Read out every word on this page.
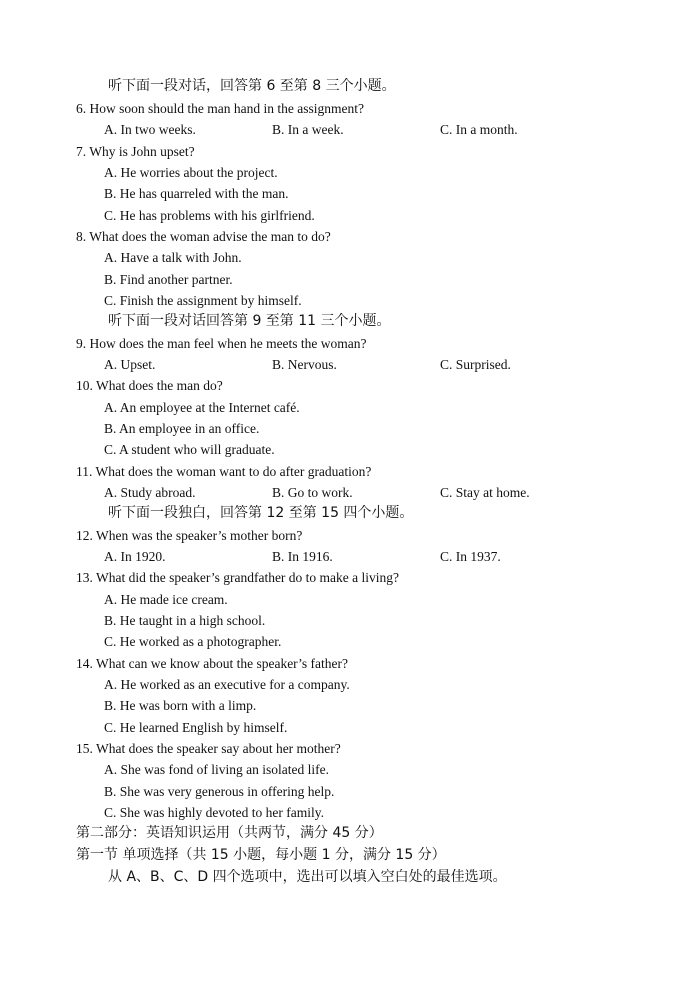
听下面一段对话，回答第 6 至第 8 三个小题。
6. How soon should the man hand in the assignment?
A. In two weeks.	B. In a week.	C. In a month.
7. Why is John upset?
A. He worries about the project.
B. He has quarreled with the man.
C. He has problems with his girlfriend.
8. What does the woman advise the man to do?
A. Have a talk with John.
B. Find another partner.
C. Finish the assignment by himself.
听下面一段对话回答第 9 至第 11 三个小题。
9. How does the man feel when he meets the woman?
A. Upset.	B. Nervous.	C. Surprised.
10. What does the man do?
A. An employee at the Internet café.
B. An employee in an office.
C. A student who will graduate.
11. What does the woman want to do after graduation?
A. Study abroad.	B. Go to work.	C. Stay at home.
听下面一段独白，回答第 12 至第 15 四个小题。
12. When was the speaker’s mother born?
A. In 1920.	B. In 1916.	C. In 1937.
13. What did the speaker’s grandfather do to make a living?
A. He made ice cream.
B. He taught in a high school.
C. He worked as a photographer.
14. What can we know about the speaker’s father?
A. He worked as an executive for a company.
B. He was born with a limp.
C. He learned English by himself.
15. What does the speaker say about her mother?
A. She was fond of living an isolated life.
B. She was very generous in offering help.
C. She was highly devoted to her family.
第二部分：英语知识运用（共两节，满分 45 分）
第一节 单项选择（共 15 小题，每小题 1 分，满分 15 分）
从 A、B、C、D 四个选项中，选出可以填入空白处的最佳选项。
